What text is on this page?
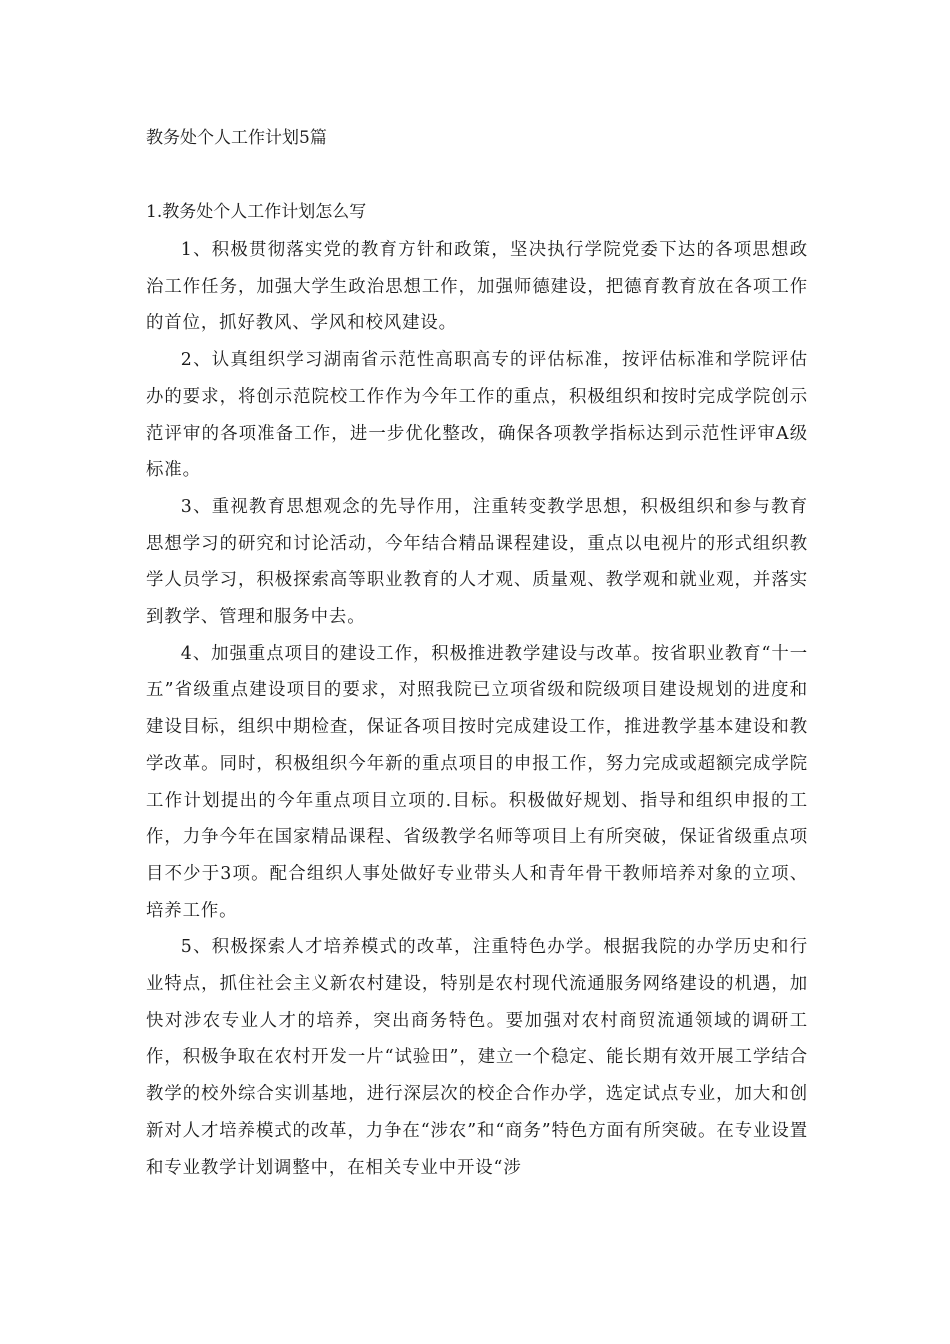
教务处个人工作计划5篇
1.教务处个人工作计划怎么写

1、积极贯彻落实党的教育方针和政策，坚决执行学院党委下达的各项思想政治工作任务，加强大学生政治思想工作，加强师德建设，把德育教育放在各项工作的首位，抓好教风、学风和校风建设。

2、认真组织学习湖南省示范性高职高专的评估标准，按评估标准和学院评估办的要求，将创示范院校工作作为今年工作的重点，积极组织和按时完成学院创示范评审的各项准备工作，进一步优化整改，确保各项教学指标达到示范性评审A级标准。

3、重视教育思想观念的先导作用，注重转变教学思想，积极组织和参与教育思想学习的研究和讨论活动，今年结合精品课程建设，重点以电视片的形式组织教学人员学习，积极探索高等职业教育的人才观、质量观、教学观和就业观，并落实到教学、管理和服务中去。

4、加强重点项目的建设工作，积极推进教学建设与改革。按省职业教育“十一五”省级重点建设项目的要求，对照我院已立项省级和院级项目建设规划的进度和建设目标，组织中期检查，保证各项目按时完成建设工作，推进教学基本建设和教学改革。同时，积极组织今年新的重点项目的申报工作，努力完成或超额完成学院工作计划提出的今年重点项目立项的.目标。积极做好规划、指导和组织申报的工作，力争今年在国家精品课程、省级教学名师等项目上有所突破，保证省级重点项目不少于3项。配合组织人事处做好专业带头人和青年骨干教师培养对象的立项、培养工作。

5、积极探索人才培养模式的改革，注重特色办学。根据我院的办学历史和行业特点，抓住社会主义新农村建设，特别是农村现代流通服务网络建设的机遇，加快对涉农专业人才的培养，突出商务特色。要加强对农村商贸流通领域的调研工作，积极争取在农村开发一片“试验田”，建立一个稳定、能长期有效开展工学结合教学的校外综合实训基地，进行深层次的校企合作办学，选定试点专业，加大和创新对人才培养模式的改革，力争在“涉农”和“商务”特色方面有所突破。在专业设置和专业教学计划调整中，在相关专业中开设“涉
